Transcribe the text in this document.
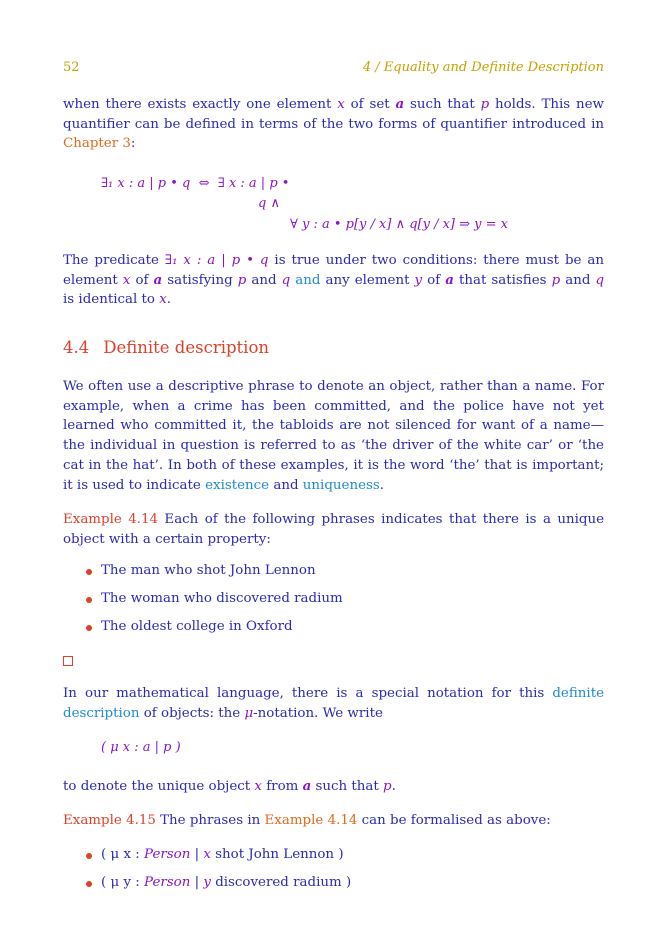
52	4 / Equality and Definite Description

when there exists exactly one element x of set a such that p holds. This new quantifier can be defined in terms of the two forms of quantifier introduced in Chapter 3:

∃₁ x : a | p • q  ⇔  ∃ x : a | p •
q ∧
∀ y : a • p[y / x] ∧ q[y / x] ⇒ y = x

The predicate ∃₁ x : a | p • q is true under two conditions: there must be an element x of a satisfying p and q and any element y of a that satisfies p and q is identical to x.

4.4 Definite description

We often use a descriptive phrase to denote an object, rather than a name. For example, when a crime has been committed, and the police have not yet learned who committed it, the tabloids are not silenced for want of a name—the individual in question is referred to as ‘the driver of the white car’ or ‘the cat in the hat’. In both of these examples, it is the word ‘the’ that is important; it is used to indicate existence and uniqueness.

Example 4.14 Each of the following phrases indicates that there is a unique object with a certain property:

The man who shot John Lennon
The woman who discovered radium
The oldest college in Oxford

In our mathematical language, there is a special notation for this definite description of objects: the μ-notation. We write

( μ x : a | p )

to denote the unique object x from a such that p.

Example 4.15 The phrases in Example 4.14 can be formalised as above:

( μ x : Person | x shot John Lennon )
( μ y : Person | y discovered radium )
